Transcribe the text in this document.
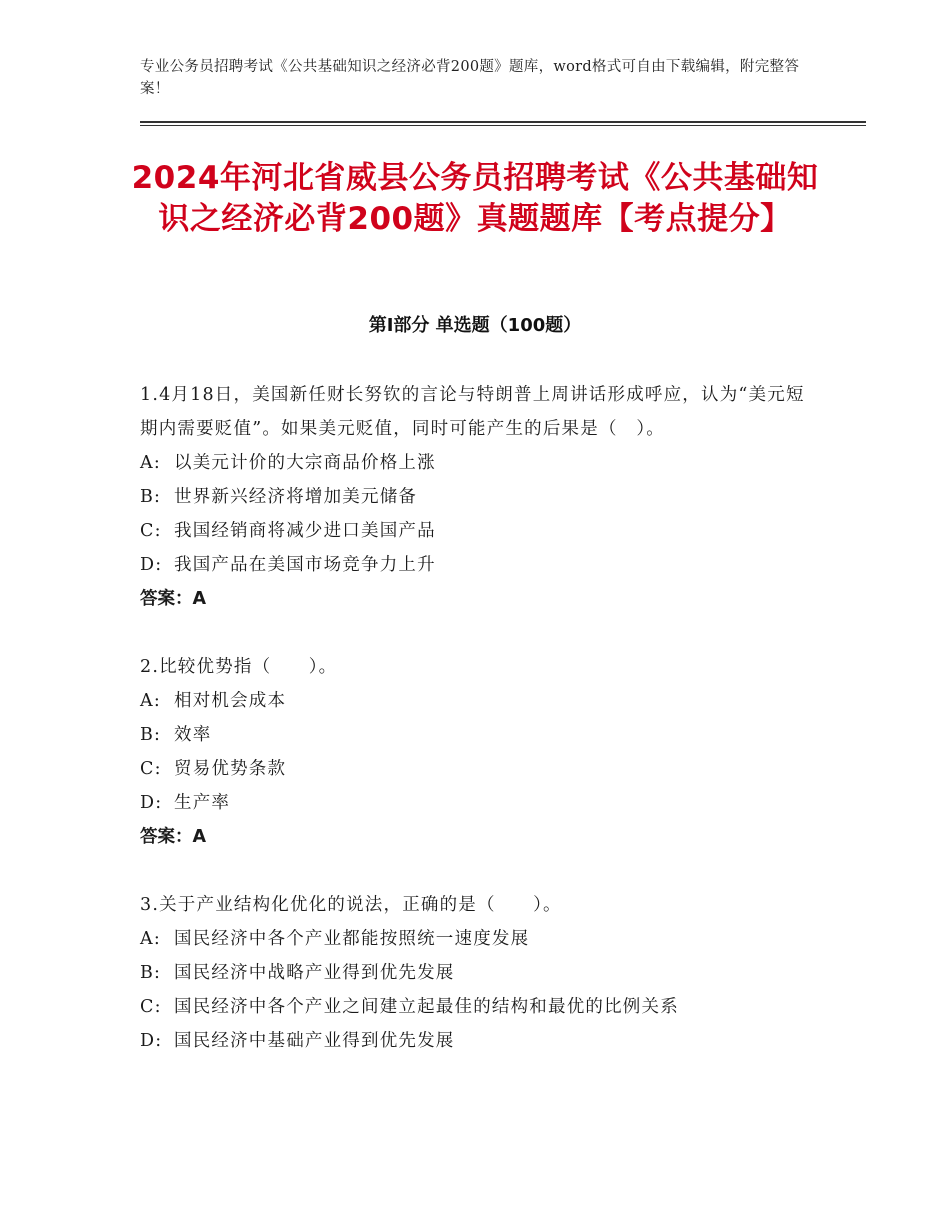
专业公务员招聘考试《公共基础知识之经济必背200题》题库，word格式可自由下载编辑，附完整答案！
2024年河北省威县公务员招聘考试《公共基础知识之经济必背200题》真题题库【考点提分】
第Ⅰ部分 单选题（100题）

1.4月18日，美国新任财长努钦的言论与特朗普上周讲话形成呼应，认为“美元短期内需要贬值”。如果美元贬值，同时可能产生的后果是（　）。

A: 以美元计价的大宗商品价格上涨

B: 世界新兴经济将增加美元储备

C: 我国经销商将减少进口美国产品

D: 我国产品在美国市场竞争力上升

答案：A

2.比较优势指（　　）。

A: 相对机会成本

B: 效率

C: 贸易优势条款

D: 生产率

答案：A

3.关于产业结构化优化的说法，正确的是（　　）。

A: 国民经济中各个产业都能按照统一速度发展

B: 国民经济中战略产业得到优先发展

C: 国民经济中各个产业之间建立起最佳的结构和最优的比例关系

D: 国民经济中基础产业得到优先发展
